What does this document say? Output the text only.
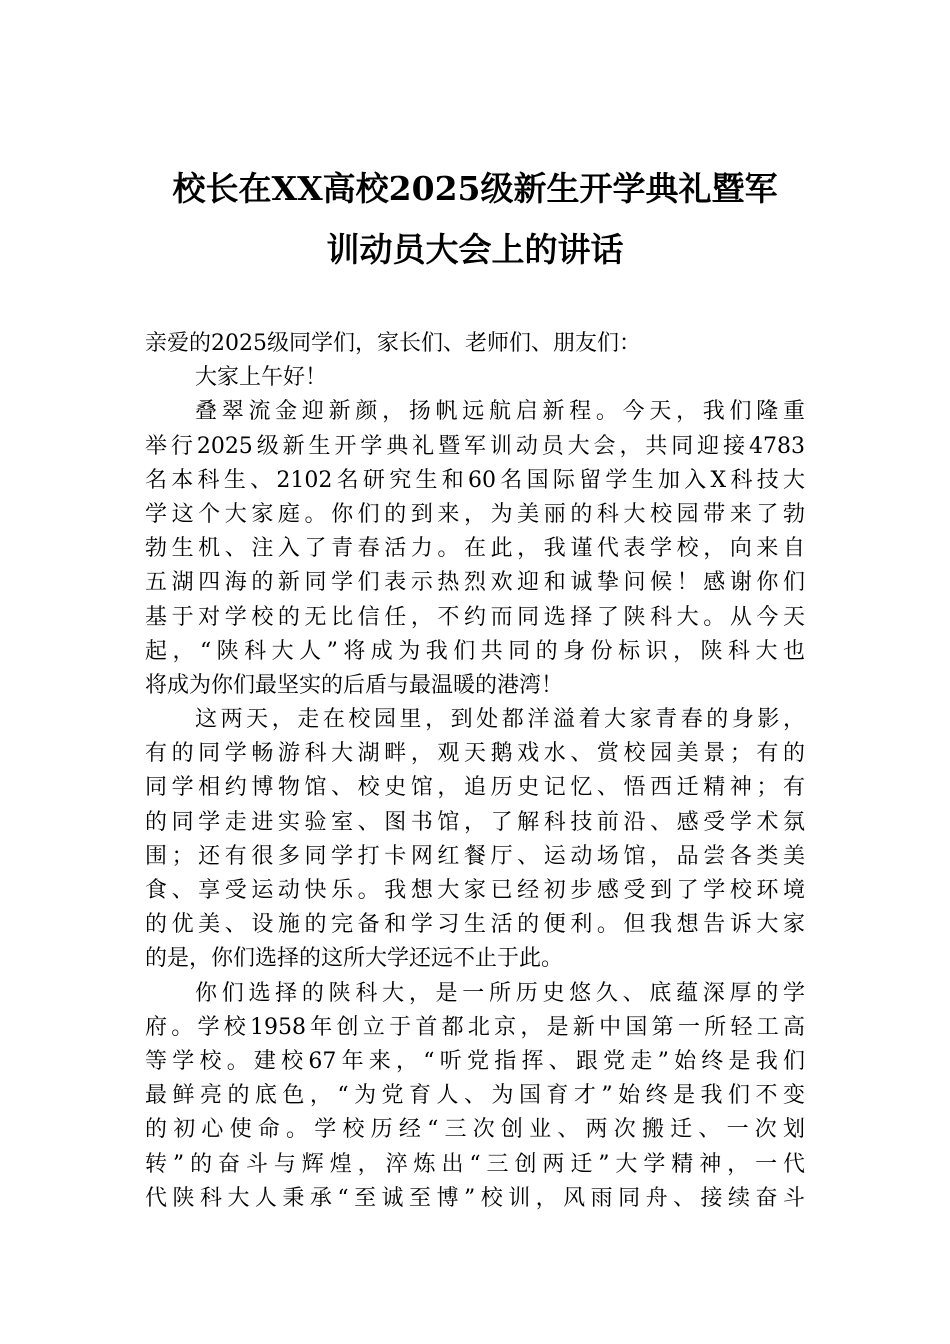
校长在XX高校2025级新生开学典礼暨军
训动员大会上的讲话
亲爱的2025级同学们，家长们、老师们、朋友们：
大家上午好！
叠翠流金迎新颜，扬帆远航启新程。今天，我们隆重
举行2025级新生开学典礼暨军训动员大会，共同迎接4783
名本科生、2102名研究生和60名国际留学生加入X科技大
学这个大家庭。你们的到来，为美丽的科大校园带来了勃
勃生机、注入了青春活力。在此，我谨代表学校，向来自
五湖四海的新同学们表示热烈欢迎和诚挚问候！感谢你们
基于对学校的无比信任，不约而同选择了陕科大。从今天
起，“陕科大人”将成为我们共同的身份标识，陕科大也
将成为你们最坚实的后盾与最温暖的港湾！
这两天，走在校园里，到处都洋溢着大家青春的身影，
有的同学畅游科大湖畔，观天鹅戏水、赏校园美景；有的
同学相约博物馆、校史馆，追历史记忆、悟西迁精神；有
的同学走进实验室、图书馆，了解科技前沿、感受学术氛
围；还有很多同学打卡网红餐厅、运动场馆，品尝各类美
食、享受运动快乐。我想大家已经初步感受到了学校环境
的优美、设施的完备和学习生活的便利。但我想告诉大家
的是，你们选择的这所大学还远不止于此。
你们选择的陕科大，是一所历史悠久、底蕴深厚的学
府。学校1958年创立于首都北京，是新中国第一所轻工高
等学校。建校67年来，“听党指挥、跟党走”始终是我们
最鲜亮的底色，“为党育人、为国育才”始终是我们不变
的初心使命。学校历经“三次创业、两次搬迁、一次划
转”的奋斗与辉煌，淬炼出“三创两迁”大学精神，一代
代陕科大人秉承“至诚至博”校训，风雨同舟、接续奋斗
